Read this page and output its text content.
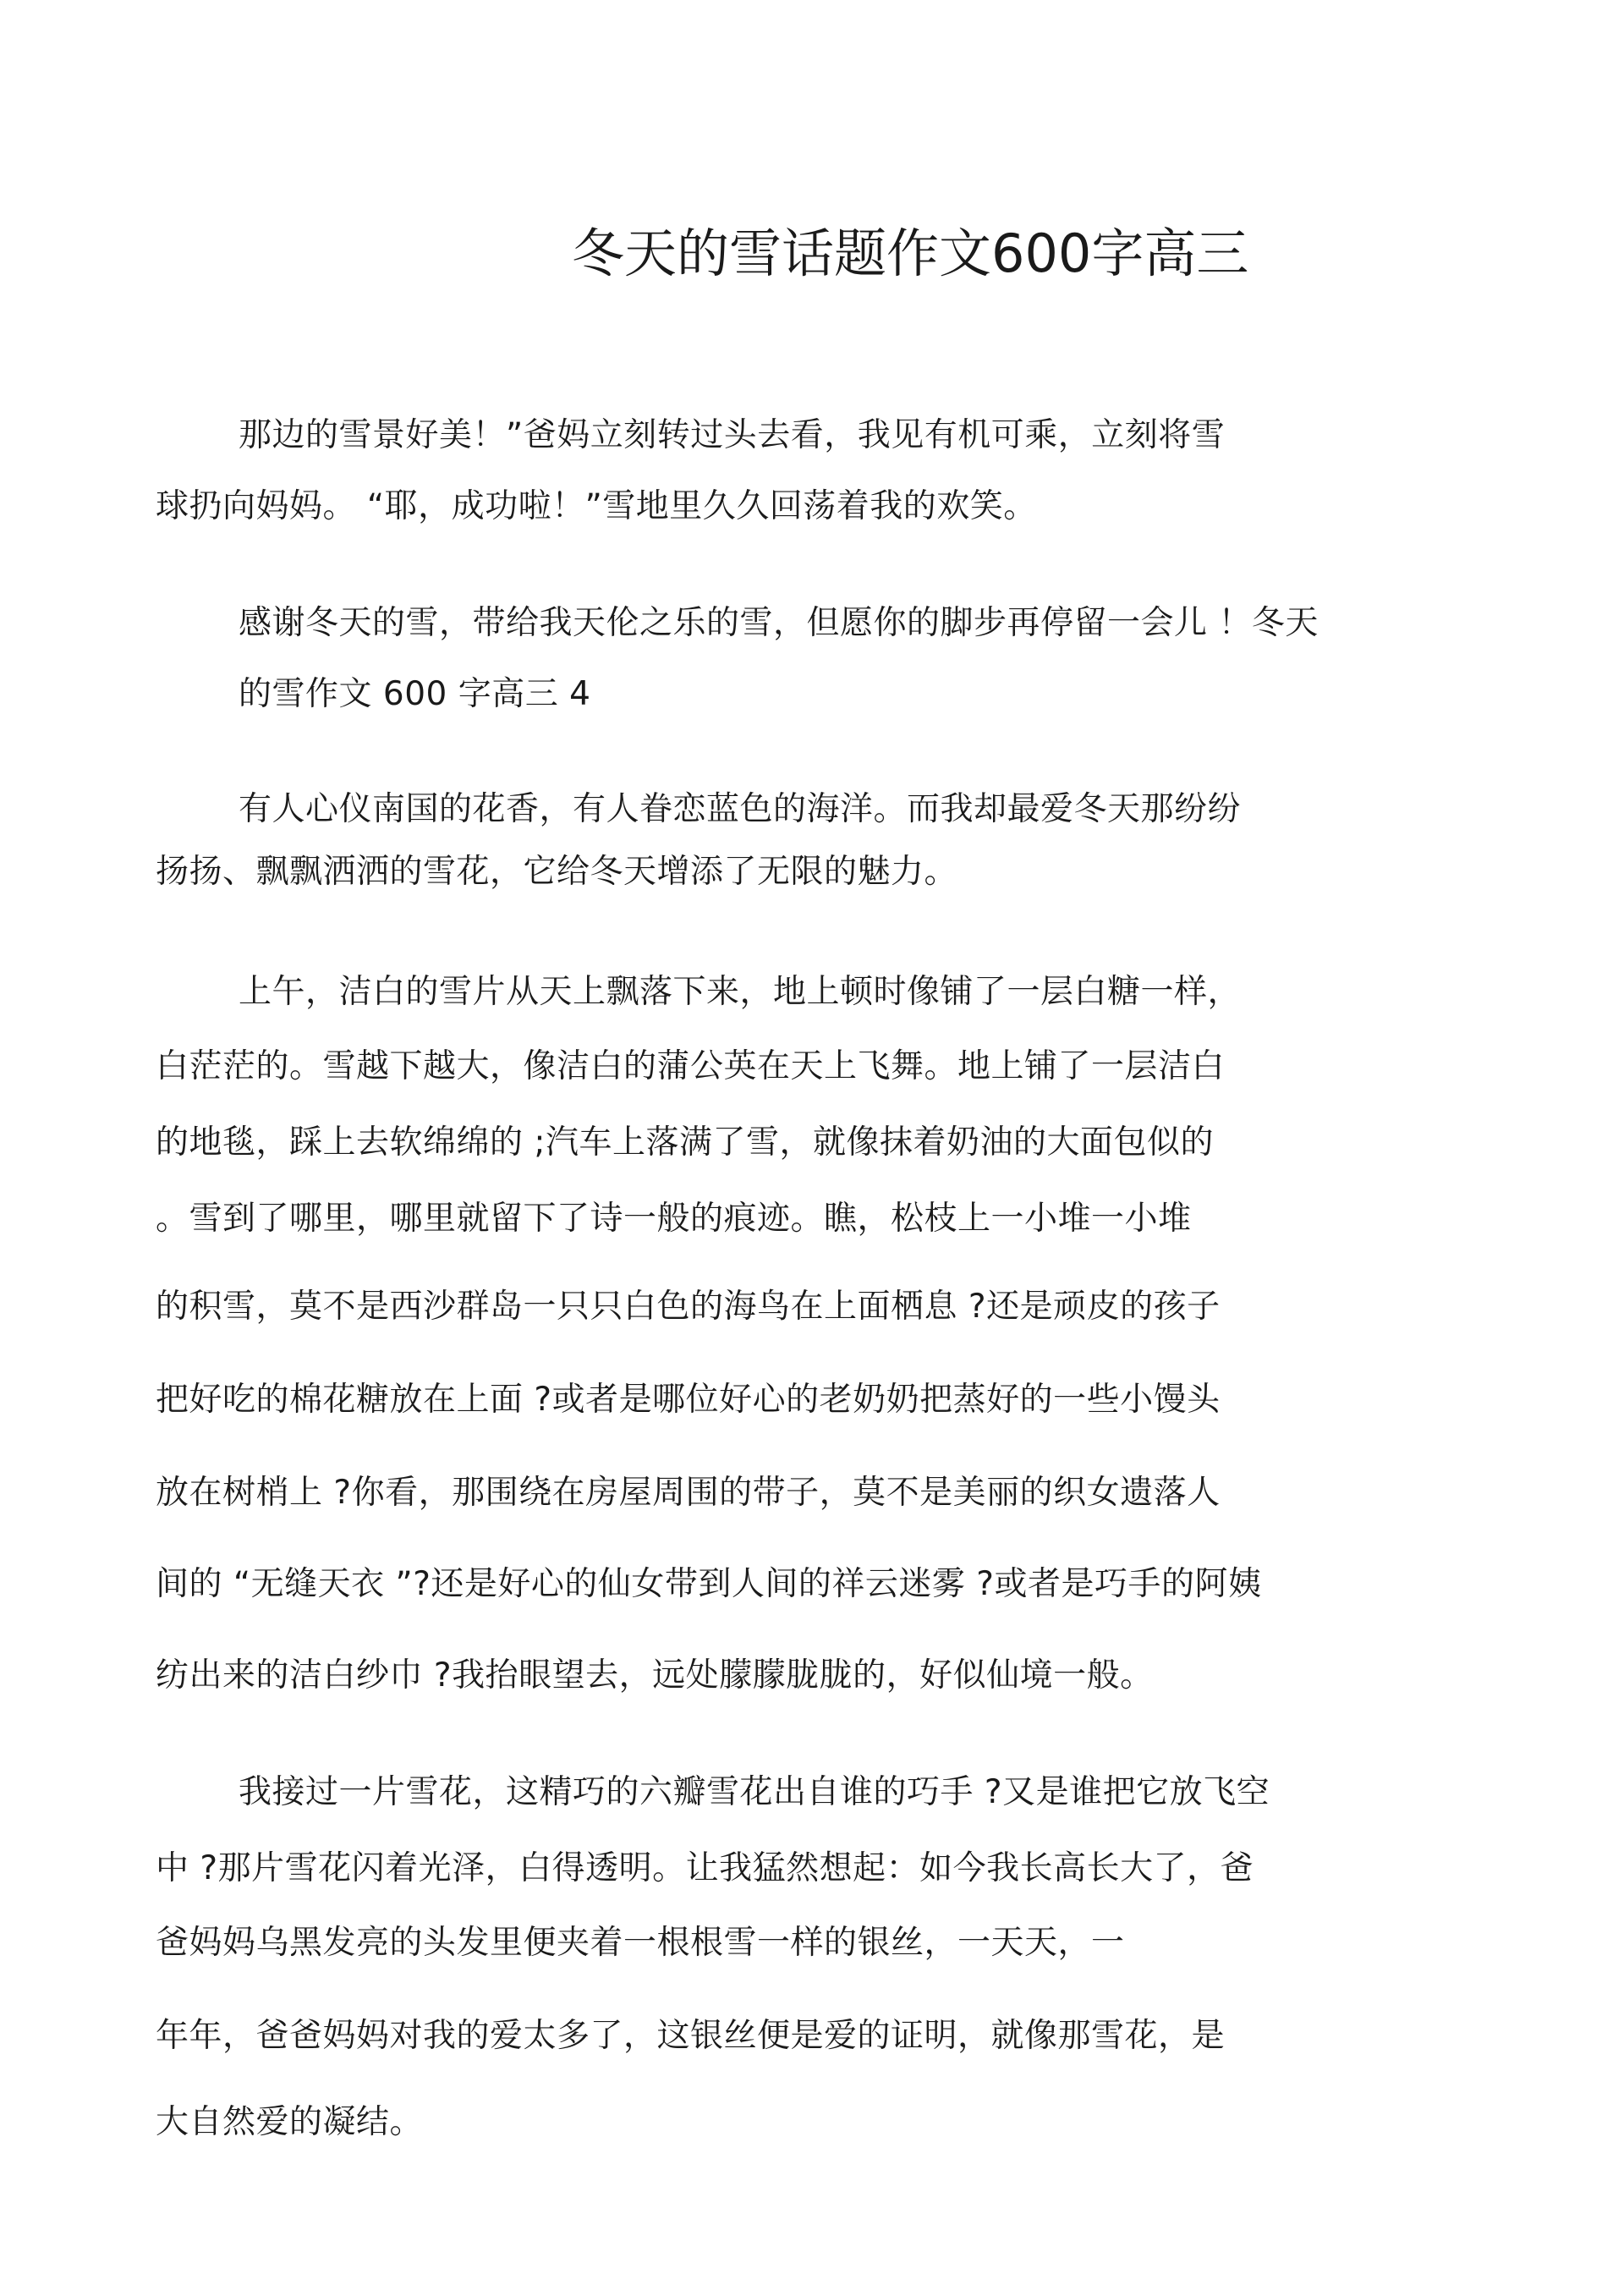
冬天的雪话题作文600字高三
那边的雪景好美！”爸妈立刻转过头去看，我见有机可乘，立刻将雪
球扔向妈妈。 “耶，成功啦！”雪地里久久回荡着我的欢笑。
感谢冬天的雪，带给我天伦之乐的雪，但愿你的脚步再停留一会儿 ！冬天
的雪作文 600 字高三 4
有人心仪南国的花香，有人眷恋蓝色的海洋。而我却最爱冬天那纷纷
扬扬、飘飘洒洒的雪花，它给冬天增添了无限的魅力。
上午，洁白的雪片从天上飘落下来，地上顿时像铺了一层白糖一样，
白茫茫的。雪越下越大，像洁白的蒲公英在天上飞舞。地上铺了一层洁白
的地毯，踩上去软绵绵的 ;汽车上落满了雪，就像抹着奶油的大面包似的
。雪到了哪里，哪里就留下了诗一般的痕迹。瞧，松枝上一小堆一小堆
的积雪，莫不是西沙群岛一只只白色的海鸟在上面栖息 ?还是顽皮的孩子
把好吃的棉花糖放在上面 ?或者是哪位好心的老奶奶把蒸好的一些小馒头
放在树梢上 ?你看，那围绕在房屋周围的带子，莫不是美丽的织女遗落人
间的 “无缝天衣 ”?还是好心的仙女带到人间的祥云迷雾 ?或者是巧手的阿姨
纺出来的洁白纱巾 ?我抬眼望去，远处朦朦胧胧的，好似仙境一般。
我接过一片雪花，这精巧的六瓣雪花出自谁的巧手 ?又是谁把它放飞空
中 ?那片雪花闪着光泽，白得透明。让我猛然想起：如今我长高长大了，爸
爸妈妈乌黑发亮的头发里便夹着一根根雪一样的银丝，一天天，一
年年，爸爸妈妈对我的爱太多了，这银丝便是爱的证明，就像那雪花，是
大自然爱的凝结。
